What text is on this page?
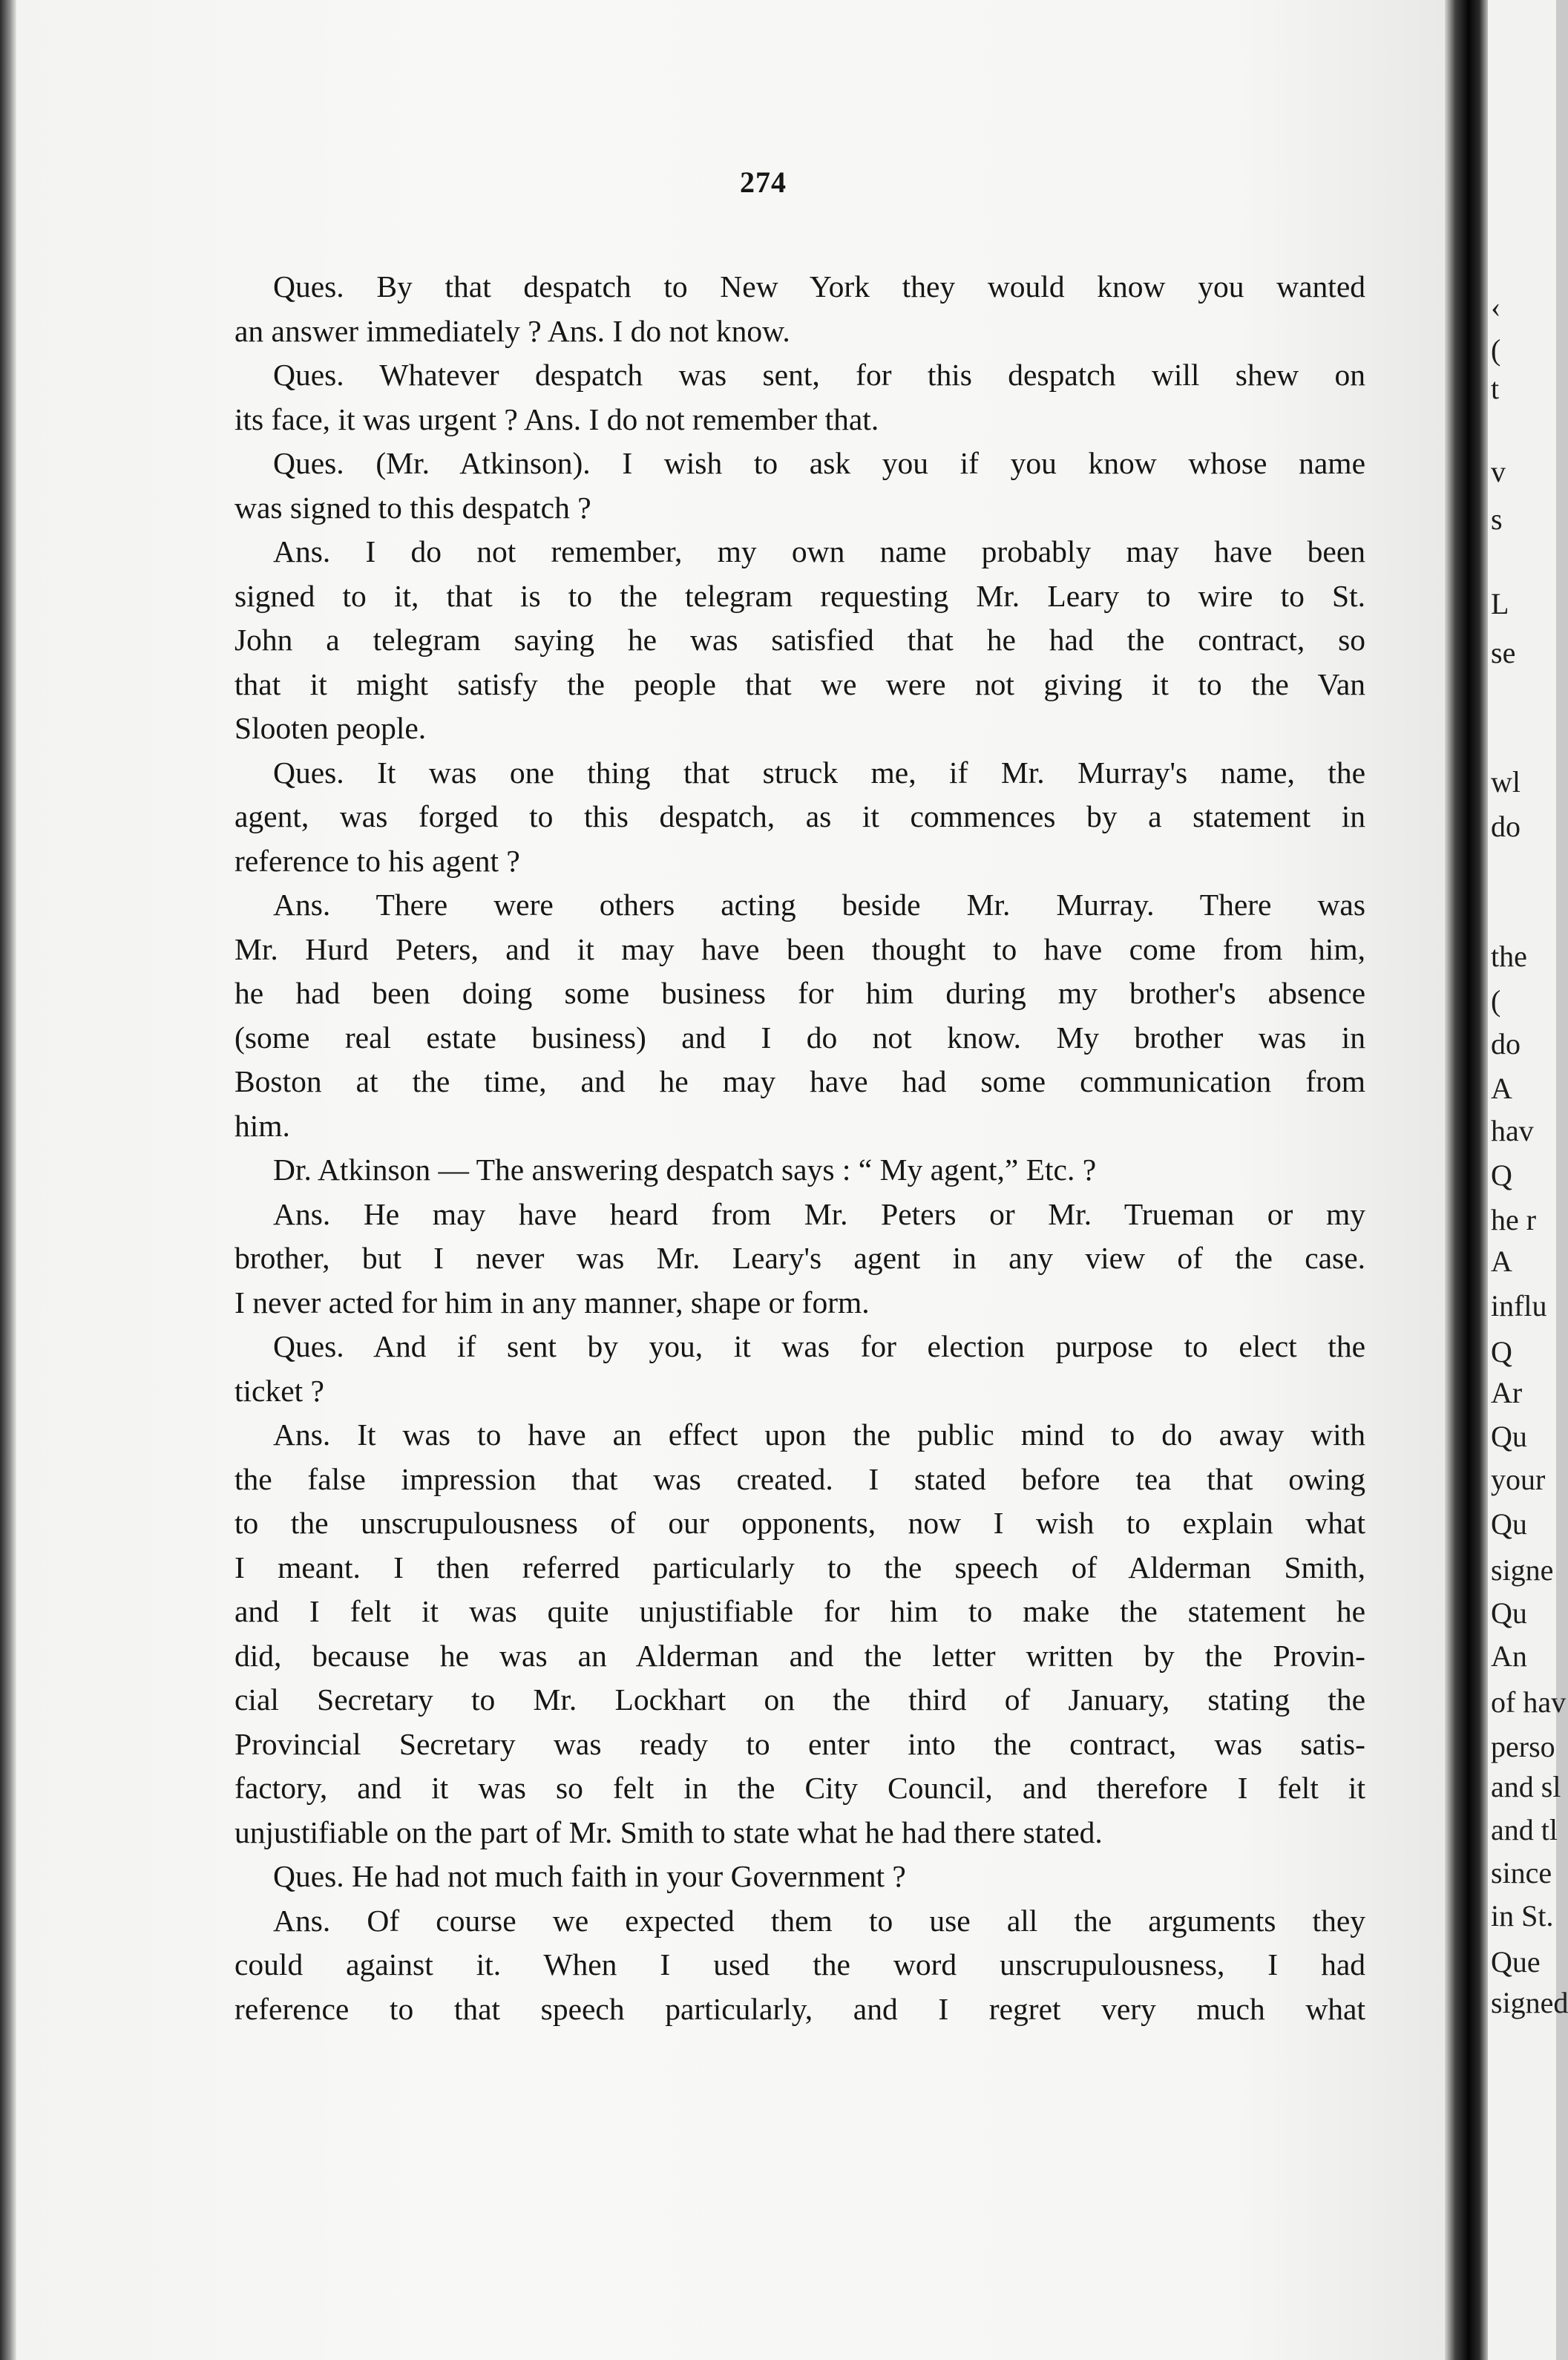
‹
(
t
v
s
L
se
wl
do
the
(
do
A
hav
Q
he r
A
influ
Q
Ar
Qu
your
Qu
signe
Qu
An
of hav
perso
and sl
and tl
since
in St.
Que
signed
274
Ques. By that despatch to New York they would know you wanted
an answer immediately ? Ans. I do not know.
Ques. Whatever despatch was sent, for this despatch will shew on
its face, it was urgent ? Ans. I do not remember that.
Ques. (Mr. Atkinson). I wish to ask you if you know whose name
was signed to this despatch ?
Ans. I do not remember, my own name probably may have been
signed to it, that is to the telegram requesting Mr. Leary to wire to St.
John a telegram saying he was satisfied that he had the contract, so
that it might satisfy the people that we were not giving it to the Van
Slooten people.
Ques. It was one thing that struck me, if Mr. Murray's name, the
agent, was forged to this despatch, as it commences by a statement in
reference to his agent ?
Ans. There were others acting beside Mr. Murray. There was
Mr. Hurd Peters, and it may have been thought to have come from him,
he had been doing some business for him during my brother's absence
(some real estate business) and I do not know. My brother was in
Boston at the time, and he may have had some communication from
him.
Dr. Atkinson — The answering despatch says : “ My agent,” Etc. ?
Ans. He may have heard from Mr. Peters or Mr. Trueman or my
brother, but I never was Mr. Leary's agent in any view of the case.
I never acted for him in any manner, shape or form.
Ques. And if sent by you, it was for election purpose to elect the
ticket ?
Ans. It was to have an effect upon the public mind to do away with
the false impression that was created. I stated before tea that owing
to the unscrupulousness of our opponents, now I wish to explain what
I meant. I then referred particularly to the speech of Alderman Smith,
and I felt it was quite unjustifiable for him to make the statement he
did, because he was an Alderman and the letter written by the Provin-
cial Secretary to Mr. Lockhart on the third of January, stating the
Provincial Secretary was ready to enter into the contract, was satis-
factory, and it was so felt in the City Council, and therefore I felt it
unjustifiable on the part of Mr. Smith to state what he had there stated.
Ques. He had not much faith in your Government ?
Ans. Of course we expected them to use all the arguments they
could against it. When I used the word unscrupulousness, I had
reference to that speech particularly, and I regret very much what
